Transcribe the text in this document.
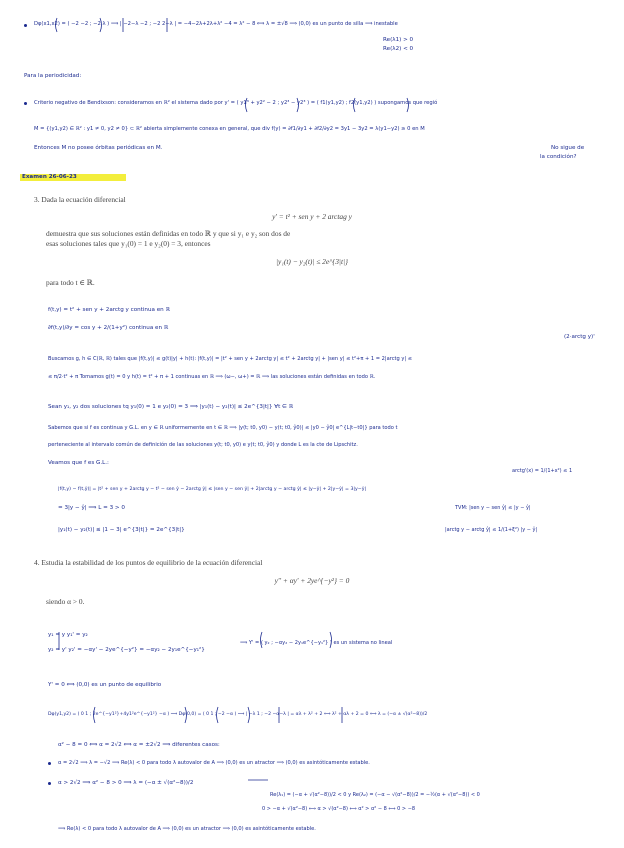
Dφ(x1,x2) = ( −2 −2 ; −2 λ ) ⟹ | −2−λ −2 ; −2 2−λ | = −4−2λ+2λ+λ² −4 = λ² − 8 ⟺ λ = ±√8 ⟹ (0,0) es un punto de silla ⟹ inestable
Re(λ1) > 0
Re(λ2) < 0
Para la periodicidad:
Criterio negativo de Bendixson: consideramos en ℝ² el sistema dado por y' = ( y1³ + y2² − 2 ; y2³ − y2³ ) = ( f1(y1,y2) ; f2(y1,y2) ) supongamos que regió
M = {(y1,y2) ∈ ℝ² : y1 ≠ 0, y2 ≠ 0} ⊂ ℝ² abierta simplemente conexa en general, que div f(y) = ∂f1/∂y1 + ∂f2/∂y2 = 3y1 − 3y2 = λ(y1−y2) ≥ 0 en M
Entonces M no posee órbitas periódicas en M.	No sigue de
la condición?
Examen 26-06-23
3. Dada la ecuación diferencial
y' = t² + sen y + 2 arctag y
demuestra que sus soluciones están definidas en todo ℝ y que si y₁ e y₂ son dos de
esas soluciones tales que y₁(0) = 1 e y₂(0) = 3, entonces
|y₁(t) − y₂(t)| ≤ 2e^{3|t|}
para todo t ∈ ℝ.
f(t,y) = t² + sen y + 2arctg y continua en ℝ
∂f(t,y)/∂y = cos y + 2/(1+y²) continua en ℝ
(2·arctg y)'
Buscamos g, h ∈ C(ℝ, ℝ) tales que |f(t,y)| ≤ g(t)|y| + h(t): |f(t,y)| = |t² + sen y + 2arctg y| ≤ t² + 2arctg y| + |sen y| ≤ t²+π + 1 = 2|arctg y| ≤
≤ π/2·t² + π Tomamos g(t) = 0 y h(t) = t² + π + 1 continuas en ℝ ⟹ (ω−, ω+) = ℝ ⟹ las soluciones están definidas en todo ℝ.
Sean y₁, y₂ dos soluciones tq y₁(0) = 1 e y₂(0) = 3 ⟹ |y₁(t) − y₂(t)| ≤ 2e^{3|t|} ∀t ∈ ℝ
Sabemos que si f es continua y G.L. en y ∈ ℝ uniformemente en t ∈ ℝ ⟹ |y(t; t0, y0) − y(t; t0, ŷ0)| ≤ |y0 − ŷ0| e^{L|t−t0|} para todo t
perteneciente al intervalo común de definición de las soluciones y(t; t0, y0) e y(t; t0, ŷ0) y donde L es la cte de Lipschitz.
Veamos que f es G.L.:
|f(t,y) − f(t,ŷ)| = |t² + sen y + 2arctg y − t² − sen ŷ − 2arctg ŷ| ≤ |sen y − sen ŷ| + 2|arctg y − arctg ŷ| ≤ |y−ŷ| + 2|y−ŷ| = 3|y−ŷ|
= 3|y − ŷ| ⟹ L = 3 > 0
|y₁(t) − y₂(t)| ≤ |1 − 3| e^{3|t|} = 2e^{3|t|}
arctg'(x) = 1/(1+x²) ≤ 1
TVM: |sen y − sen ŷ| ≤ |y − ŷ|
|arctg y − arctg ŷ| ≤ 1/(1+ξ²) |y − ŷ|
4. Estudia la estabilidad de los puntos de equilibrio de la ecuación diferencial
y'' + αy' + 2ye^{−y²} = 0
siendo α > 0.
y₁ = y y₁' = y₂
y₂ = y' y₂' = −αy' − 2ye^{−y²} = −αy₂ − 2y₁e^{−y₁²}
⟹ Y' = ( y₂ ; −αy₂ − 2y₁e^{−y₁²} ) es un sistema no lineal
Y' = 0 ⟺ (0,0) es un punto de equilibrio
Dφ(y1,y2) = ( 0 1 ; 2e^{−y1²}+4y1²e^{−y1²} −α ) ⟹ Dφ(0,0) = ( 0 1 ; −2 −α ) ⟹ | −λ 1 ; −2 −α−λ | = αλ + λ² + 2 ⟺ λ² + αλ + 2 = 0 ⟺ λ = (−α ± √(α²−8))/2
α² − 8 = 0 ⟺ α = 2√2 ⟺ α = ±2√2 ⟹ diferentes casos:
α = 2√2 ⟹ λ = −√2 ⟹ Re(λ) < 0 para todo λ autovalor de A ⟹ (0,0) es un atractor ⟹ (0,0) es asintóticamente estable.
α > 2√2 ⟹ α² − 8 > 0 ⟹ λ = (−α ± √(α²−8))/2
Re(λ₁) = (−α + √(α²−8))/2 < 0 y Re(λ₂) = (−α − √(α²−8))/2 = −½(α + √(α²−8)) < 0
0 > −α + √(α²−8) ⟺ α > √(α²−8) ⟺ α² > α² − 8 ⟺ 0 > −8
⟹ Re(λ) < 0 para todo λ autovalor de A ⟹ (0,0) es un atractor ⟹ (0,0) es asintóticamente estable.
